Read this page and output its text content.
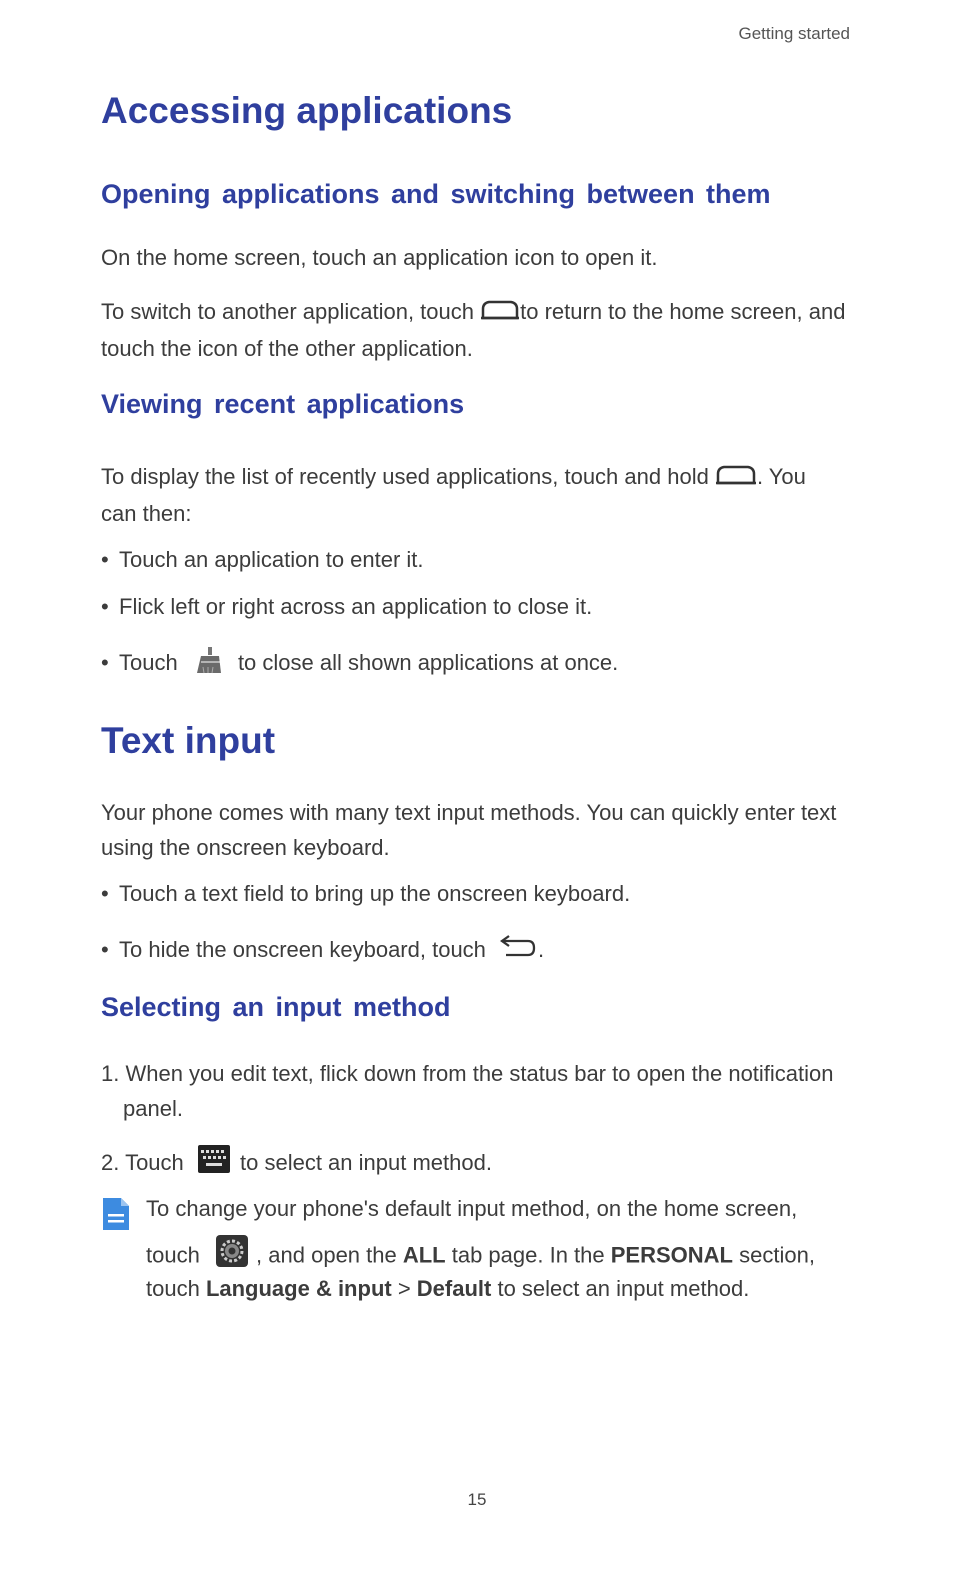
Getting started
Accessing applications
Opening applications and switching between them

On the home screen, touch an application icon to open it.

To switch to another application, touch to return to the home screen, and
touch the icon of the other application.

Viewing recent applications

To display the list of recently used applications, touch and hold . You
can then:

• Touch an application to enter it.
• Flick left or right across an application to close it.
• Touch  to close all shown applications at once.
Text input

Your phone comes with many text input methods. You can quickly enter text
using the onscreen keyboard.

• Touch a text field to bring up the onscreen keyboard.
• To hide the onscreen keyboard, touch .
Selecting an input method
1. When you edit text, flick down from the status bar to open the notification
panel.
2. Touch  to select an input method.
To change your phone's default input method, on the home screen,
touch  , and open the ALL tab page. In the PERSONAL section,
touch Language & input > Default to select an input method.
15
